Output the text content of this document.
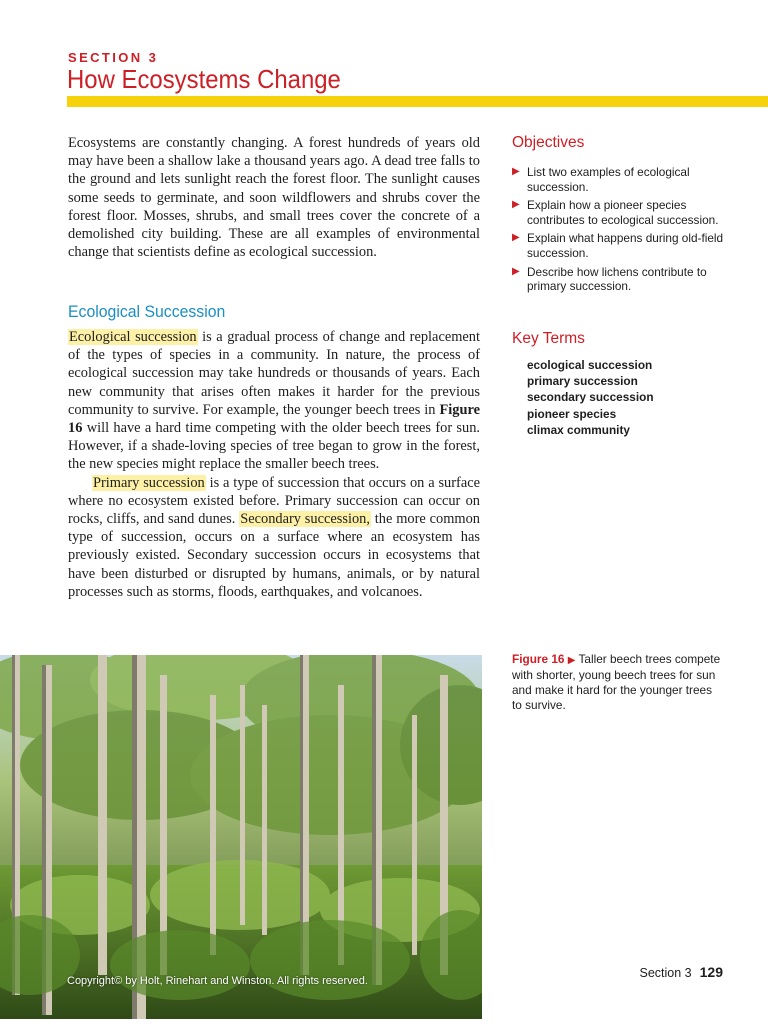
SECTION 3
How Ecosystems Change
Ecosystems are constantly changing. A forest hundreds of years old may have been a shallow lake a thousand years ago. A dead tree falls to the ground and lets sunlight reach the forest floor. The sunlight causes some seeds to germinate, and soon wildflowers and shrubs cover the forest floor. Mosses, shrubs, and small trees cover the concrete of a demolished city building. These are all examples of environmental change that scientists define as ecological succession.
Ecological Succession

Ecological succession is a gradual process of change and replacement of the types of species in a community. In nature, the process of ecological succession may take hundreds or thousands of years. Each new community that arises often makes it harder for the previous community to survive. For example, the younger beech trees in Figure 16 will have a hard time competing with the older beech trees for sun. However, if a shade-loving species of tree began to grow in the forest, the new species might replace the smaller beech trees.

Primary succession is a type of succession that occurs on a surface where no ecosystem existed before. Primary succession can occur on rocks, cliffs, and sand dunes. Secondary succession, the more common type of succession, occurs on a surface where an ecosystem has previously existed. Secondary succession occurs in ecosystems that have been disturbed or disrupted by humans, animals, or by natural processes such as storms, floods, earthquakes, and volcanoes.

Objectives
▶ List two examples of ecological succession.
▶ Explain how a pioneer species contributes to ecological succession.
▶ Explain what happens during old-field succession.
▶ Describe how lichens contribute to primary succession.
Key Terms
ecological succession
primary succession
secondary succession
pioneer species
climax community
Figure 16 ▶ Taller beech trees compete with shorter, young beech trees for sun and make it hard for the younger trees to survive.
Copyright© by Holt, Rinehart and Winston. All rights reserved.
Section 3 129
